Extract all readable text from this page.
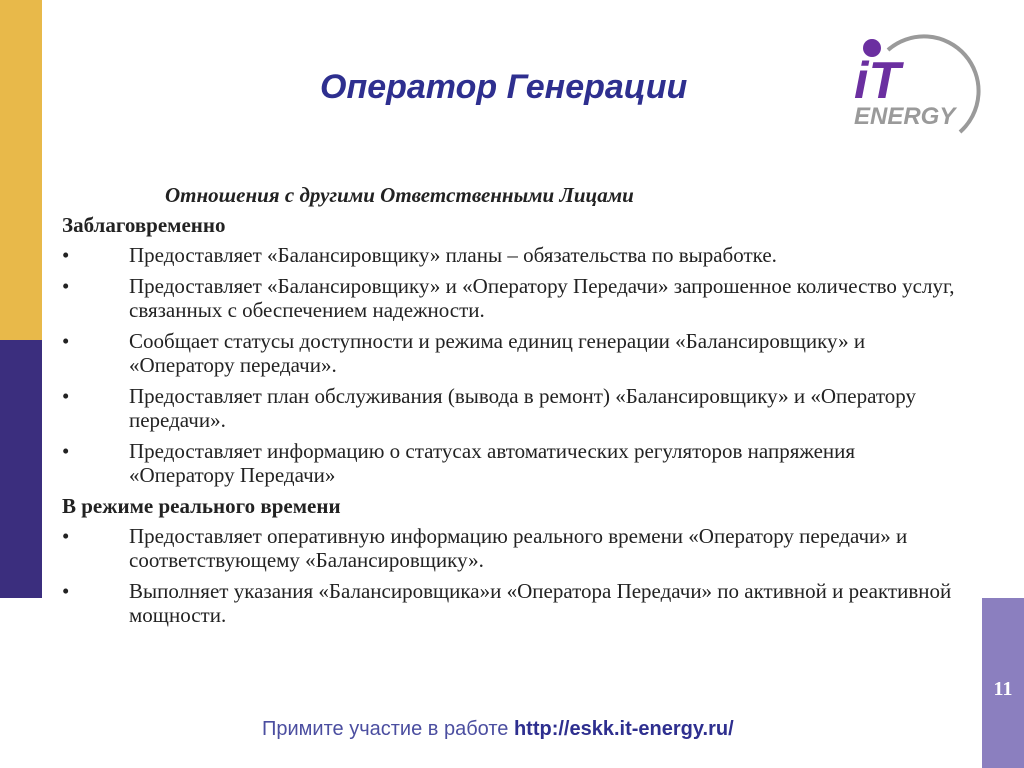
Оператор Генерации	iT
ENERGY
Отношения с другими Ответственными Лицами
Заблаговременно
• Предоставляет «Балансировщику» планы – обязательства по выработке.
• Предоставляет «Балансировщику» и «Оператору Передачи» запрошенное количество услуг, связанных с обеспечением надежности.
• Сообщает статусы доступности и режима единиц генерации «Балансировщику» и «Оператору передачи».
• Предоставляет план обслуживания (вывода в ремонт) «Балансировщику» и «Оператору передачи».
• Предоставляет информацию о статусах автоматических регуляторов напряжения «Оператору Передачи»
В режиме реального времени
• Предоставляет оперативную информацию реального времени «Оператору передачи» и соответствующему «Балансировщику».
• Выполняет указания «Балансировщика»и «Оператора Передачи» по активной и реактивной мощности.
Примите участие в работе http://eskk.it-energy.ru/
11
